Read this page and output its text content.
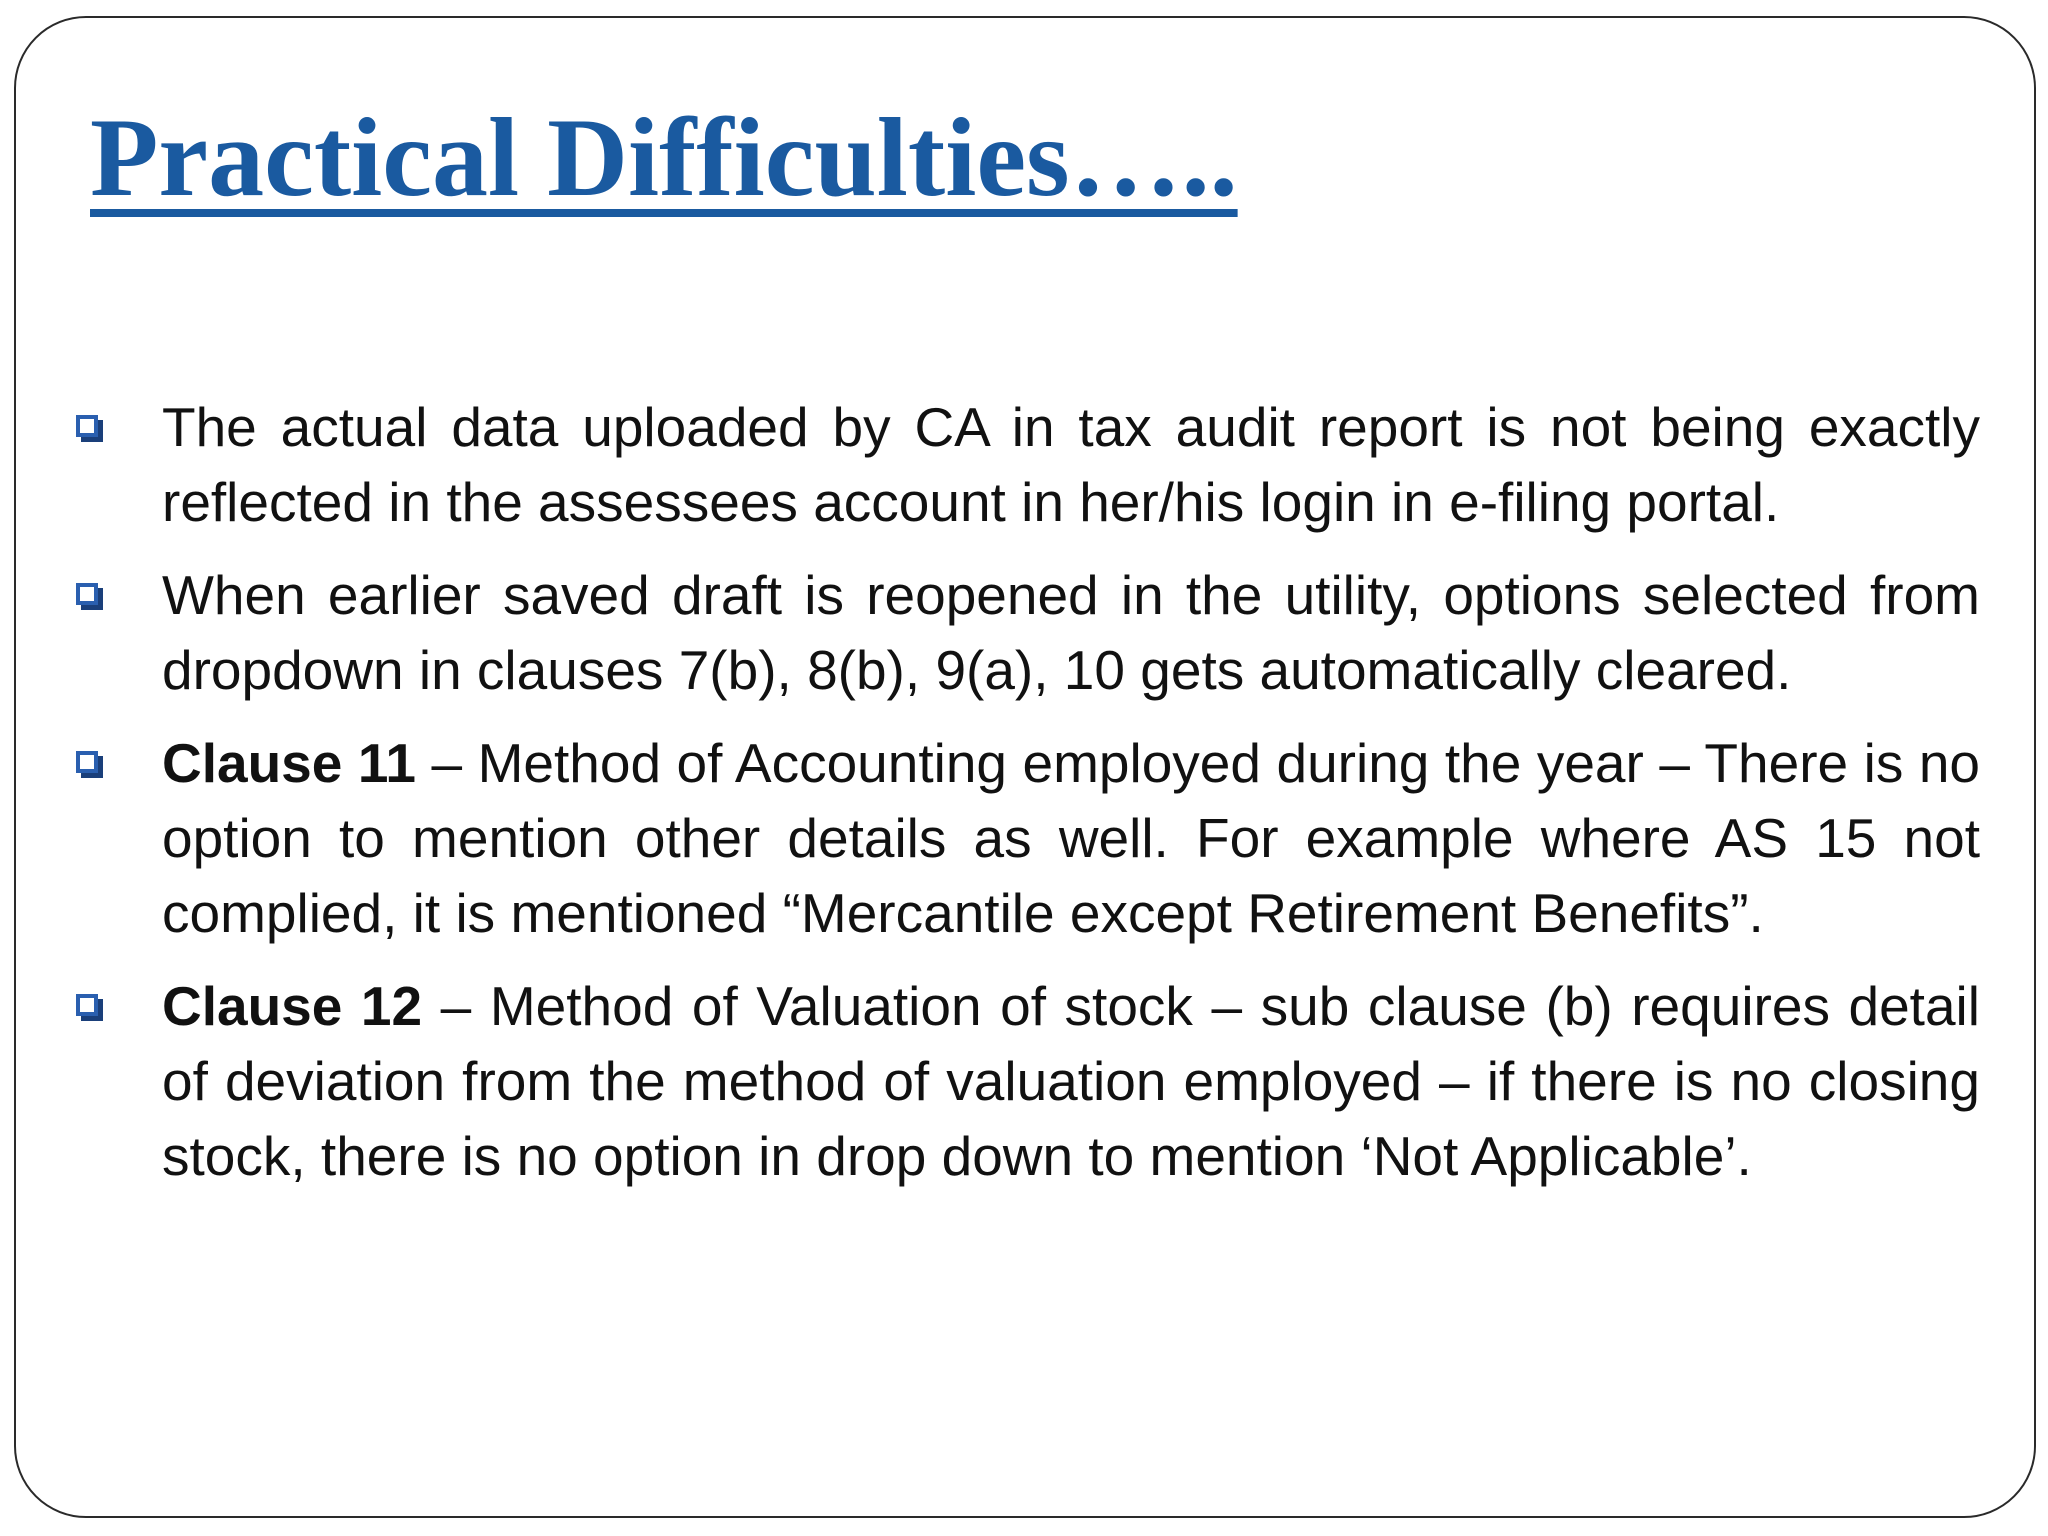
Practical Difficulties…..
The actual data uploaded by CA in tax audit report is not being exactly reflected in the assessees account in her/his login in e-filing portal.
When earlier saved draft is reopened in the utility, options selected from dropdown in clauses 7(b), 8(b), 9(a), 10 gets automatically cleared.
Clause 11 – Method of Accounting employed during the year – There is no option to mention other details as well. For example where AS 15 not complied, it is mentioned “Mercantile except Retirement Benefits”.
Clause 12 – Method of Valuation of stock – sub clause (b) requires detail of deviation from the method of valuation employed – if there is no closing stock, there is no option in drop down to mention ‘Not Applicable’.
